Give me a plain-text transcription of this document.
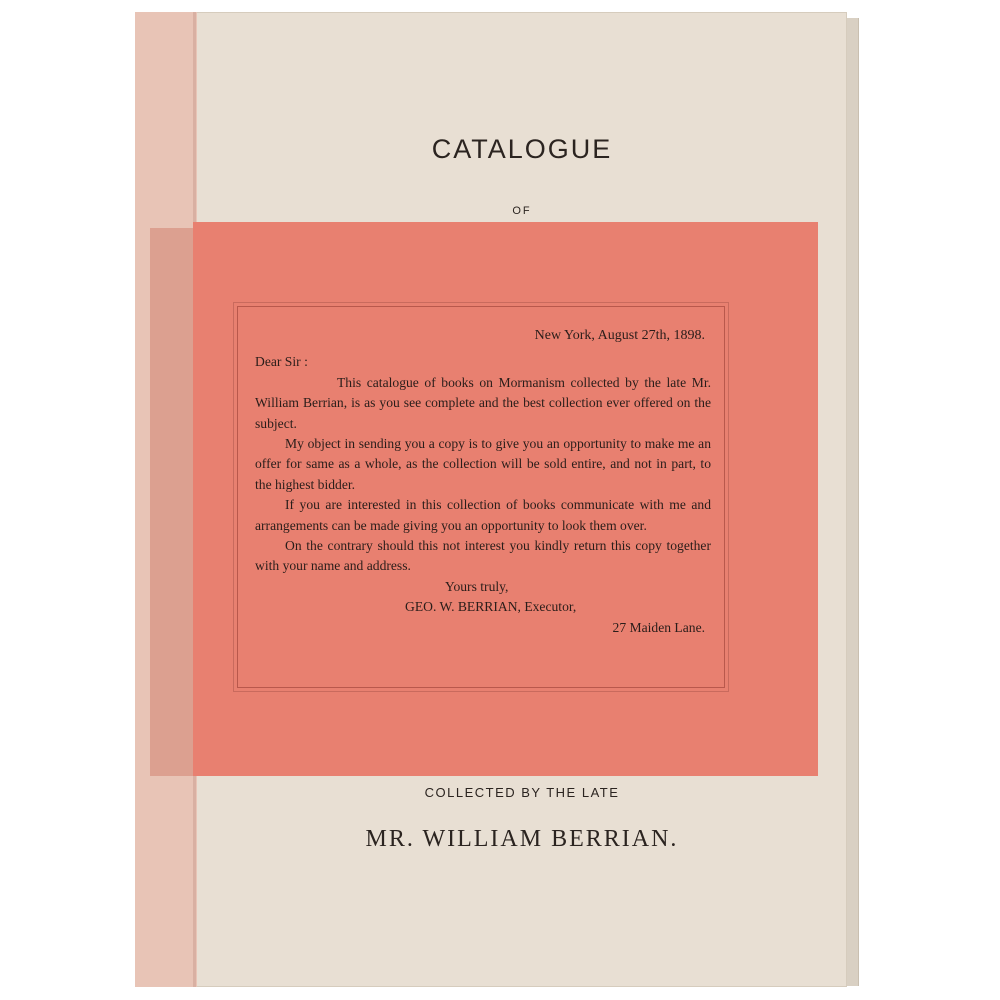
CATALOGUE
OF
New York, August 27th, 1898.
Dear Sir :

This catalogue of books on Mormanism collected by the late Mr. William Berrian, is as you see complete and the best collection ever offered on the subject.

My object in sending you a copy is to give you an opportunity to make me an offer for same as a whole, as the collection will be sold entire, and not in part, to the highest bidder.

If you are interested in this collection of books communicate with me and arrangements can be made giving you an opportunity to look them over.

On the contrary should this not interest you kindly return this copy together with your name and address.

Yours truly,
GEO. W. BERRIAN, Executor,
27 Maiden Lane.
COLLECTED BY THE LATE
MR. WILLIAM BERRIAN.
